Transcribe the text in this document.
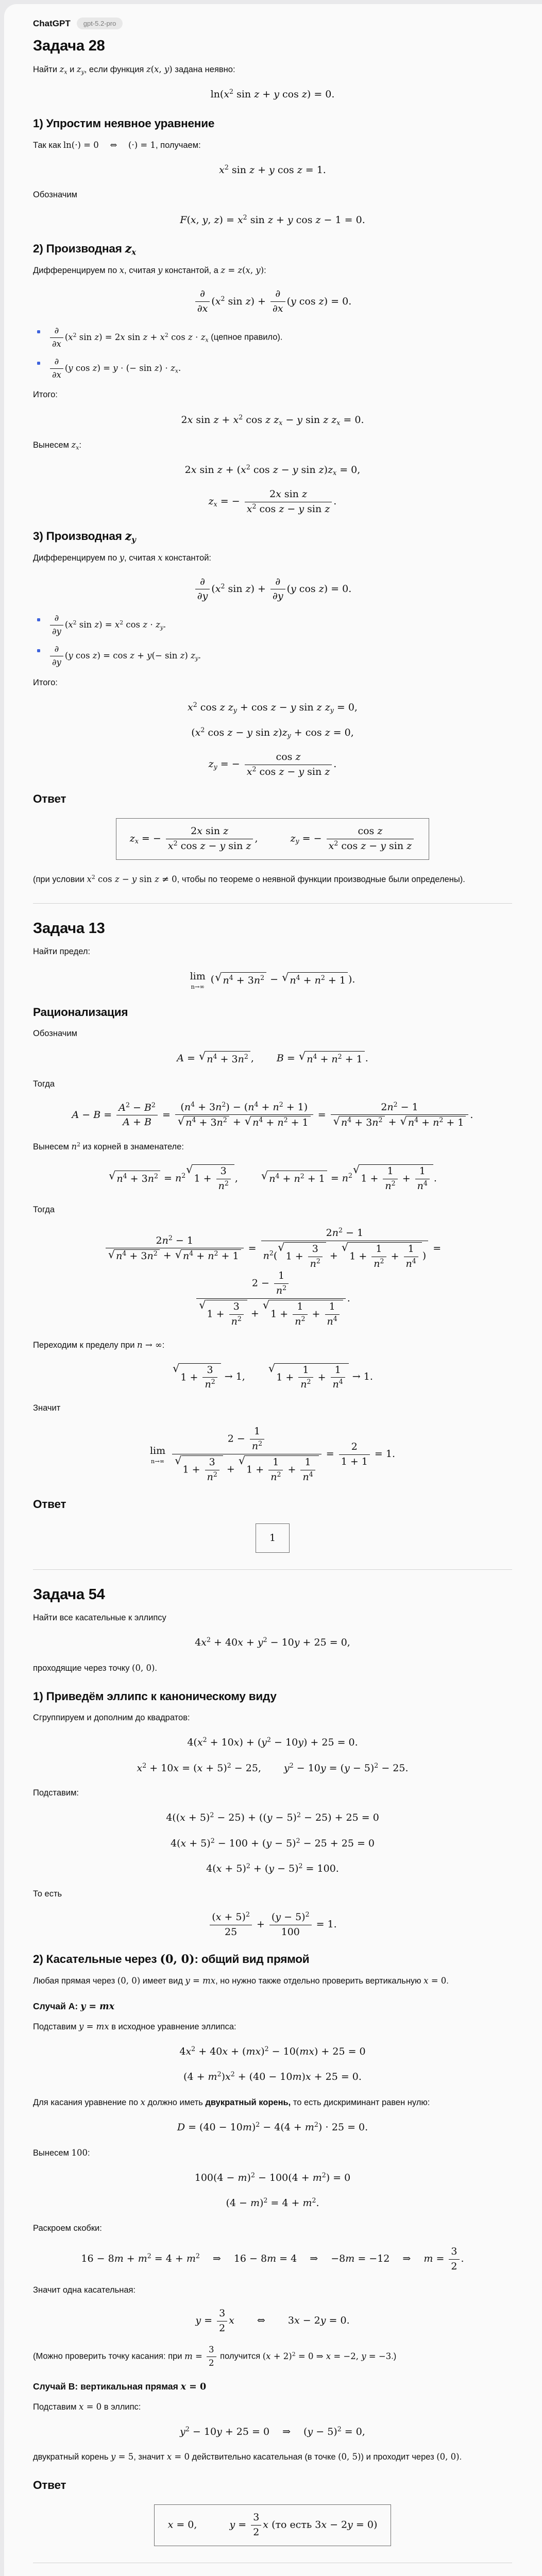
ChatGPT	gpt-5.2-pro
Задача 28

Найти $z_x$ и $z_y$, если функция z(x, y) задана неявно:

$\ln(x^2$ sin z + y cos z) = 0.
1) Упростим неявное уравнение

Так как ln(·) = 0  ⇔  (·) = 1, получаем:

$x^2$ sin z + y cos z = 1.

Обозначим

F(x, y, $z) = x^2$ sin z + y cos z − 1 = 0.
2) Производная $z_x$

Дифференцируем по x, считая y константой, а z = z(x, y):

∂
∂x
($x^2$ sin z) +
∂
∂x
(y cos z) = 0.
∂
∂x
($x^2$ sin z) = 2x $\sin z + x^2$ $\cos z \cdot z_x$ (цепное правило).
∂
∂x
(y cos z) = y ⋅ (− $\sin z) \cdot z_x$.

Итого:

2x $\sin z + x^2$ cos z $z_x - y$ sin z $z_x = 0$.

Вынесем $z_x$:

2x $\sin z + (x^2$ cos z − y $\sin z)z_x = 0$,
$z_x$ = − $\frac{\text{2x sin z}}{x^2 \cos z - y \sin z}$ .
3) Производная $z_y$

Дифференцируем по y, считая x константой:

∂
∂y
($x^2$ sin z) +
∂
∂y
(y cos z) = 0.
∂
∂y
($x^2$ $\sin z) = x^2$ $\cos z \cdot z_y$.
∂
∂y
(y cos z) = cos z + y(− sin z) $z_y$.

Итого:

$x^2$ cos z $z_y + \cos z - y$ sin z $z_y = 0$,
($x^2$ cos z − y $\sin z)z_y + \cos z = 0$,
$z_y$ = − $\frac{\text{cos z}}{x^2 \cos z - y \sin z}$ .
Ответ
$z_x$ = − $\frac{\text{2x sin z}}{x^2 \cos z - y \sin z}$ ,    $z_y$ = − $\frac{\text{cos z}}{x^2 \cos z - y \sin z}$

(при условии $x^2$ cos z − y sin z ≠ 0, чтобы по теореме о неявной функции производные были определены).

Задача 13

Найти предел:

lim
n→∞
( √ $n^4 + 3n^2$ − √ $n^4 + n^2 + 1$ ).
Рационализация

Обозначим

A = √ $n^4 + 3n^2$ ,   B = √ $n^4 + n^2 + 1$ .

Тогда

$A - B = \frac{A^2 - B^2}{A + B} = \frac{(n^4 + 3n^2) - (n^4 + n^2 + 1)}{√ n^4 + 3n^2 + √ n^4 + n^2 + 1} = \frac{2n^2 - 1}{√ n^4 + 3n^2 + √ n^4 + n^2 + 1}$ .

Вынесем $n^2$ из корней в знаменателе:

√ $n^4 + 3n^2 = n^2$ √
$1 + \frac{3}{n^2}$ ,   √ $n^4 + n^2 + 1 = n^2$ √
$1 + \frac{1}{n^2} + \frac{1}{n^4}$ .

Тогда

$\frac{2n^2 - 1}{√ n^4 + 3n^2 + √ n^4 + n^2 + 1} = 2n^2 - 1$
$n^2$(
√
$1 + \frac{3}{n^2}$ +
√
$1 + \frac{1}{n^2} + \frac{1}{n^4}$ ) =
$2 - \frac{1}{n^2}$
√
$1 + \frac{3}{n^2}$ +
√
$1 + \frac{1}{n^2} + \frac{1}{n^4}$ .

Переходим к пределу при n → ∞:

√
$1 + \frac{3}{n^2} \to 1$,  
√
$1 + \frac{1}{n^2} + \frac{1}{n^4} \to 1$.

Значит

lim
n→∞
$2 - \frac{1}{n^2}$
√
$1 + \frac{3}{n^2}$ +
√
$1 + \frac{1}{n^2} + \frac{1}{n^4} = \frac{2}{1 + 1} = 1$.
Ответ
1
Задача 54

Найти все касательные к эллипсу

$4x^2 + 40x + y^2 - 10y + 25 = 0$,

проходящие через точку (0, 0).

1) Приведём эллипс к каноническому виду

Сгруппируем и дополним до квадратов:

$4(x^2 + 10x) + (y^2 - 10y) + 25 = 0$.
$x^2 + 10x = (x + 5)^2 - 25$,   $y^2 - 10y = (y - 5)^2 - 25$.

Подставим:

$4((x + 5)^2 - 25) + ((y - 5)^2 - 25) + 25 = 0$
$4(x + 5)^2 - 100 + (y - 5)^2 - 25 + 25 = 0$
$4(x + 5)^2 + (y - 5)^2 = 100$.

То есть

$\frac{(x + 5)^2}{25} + \frac{(y - 5)^2}{100} = 1$.
2) Касательные через (0, 0): общий вид прямой

Любая прямая через (0, 0) имеет вид y = mx, но нужно также отдельно проверить вертикальную x = 0.

Случай А: y = mx

Подставим y = mx в исходное уравнение эллипса:

$4x^2 + 40x + (mx)^2 - 10(mx) + 25 = 0$
$(4 + m^2)x^2 + (40 - 10m)x + 25 = 0$.

Для касания уравнение по x должно иметь двукратный корень, то есть дискриминант равен нулю:

$D = (40 - 10m)^2 - 4(4 + m^2) \cdot 25 = 0$.

Вынесем 100:

$100(4 - m)^2 - 100(4 + m^2) = 0$
$(4 - m)^2 = 4 + m^2$.

Раскроем скобки:

$16 - 8m + m^2 = 4 + m^2$  ⇒  16 − 8m = 4  ⇒  −8m = −12  ⇒  $m = \frac{3}{2}$ .

Значит одна касательная:

$y = \frac{3}{2}$ x   ⇔   3x − 2y = 0.

(Можно проверить точку касания: при $m = \frac{3}{2}$ получится $(x + 2)^2 = 0$ ⇒ x = −2, y = −3.)

Случай B: вертикальная прямая x = 0

Подставим x = 0 в эллипс:

$y^2 - 10y + 25 = 0$  ⇒  $(y - 5)^2 = 0$,

двукратный корень y = 5, значит x = 0 действительно касательная (в точке (0, 5)) и проходит через (0, 0).

Ответ
x = 0,    $y = \frac{3}{2}$ x (то есть 3x − 2y = 0)
